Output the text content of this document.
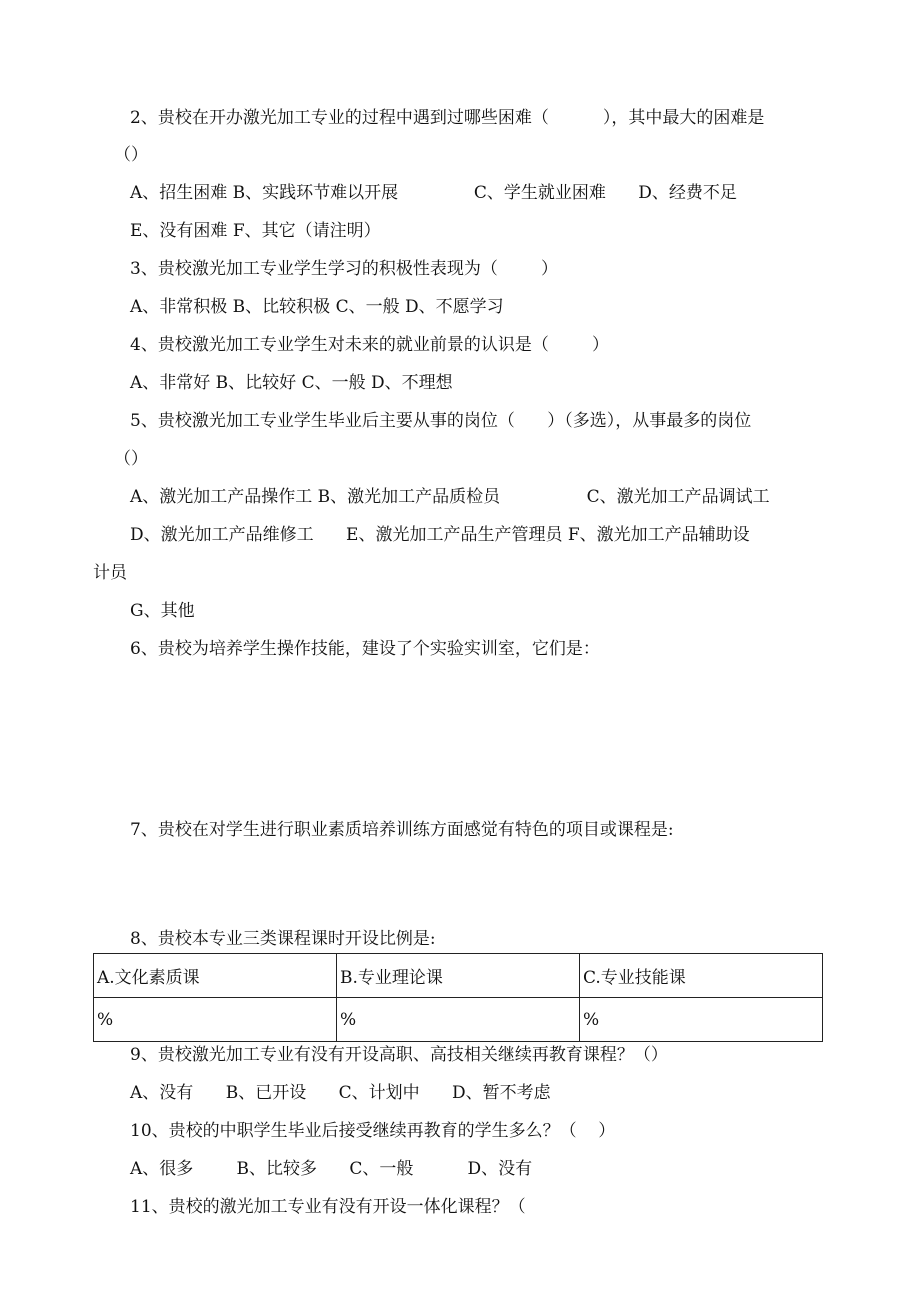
2、贵校在开办激光加工专业的过程中遇到过哪些困难（          ），其中最大的困难是
（）
A、招生困难 B、实践环节难以开展              C、学生就业困难      D、经费不足
E、没有困难 F、其它（请注明）
3、贵校激光加工专业学生学习的积极性表现为（        ）
A、非常积极 B、比较积极 C、一般 D、不愿学习
4、贵校激光加工专业学生对未来的就业前景的认识是（        ）
A、非常好 B、比较好 C、一般 D、不理想
5、贵校激光加工专业学生毕业后主要从事的岗位（      ）（多选），从事最多的岗位
（）
A、激光加工产品操作工 B、激光加工产品质检员                C、激光加工产品调试工
D、激光加工产品维修工      E、激光加工产品生产管理员 F、激光加工产品辅助设
计员
G、其他
6、贵校为培养学生操作技能，建设了个实验实训室，它们是：
7、贵校在对学生进行职业素质培养训练方面感觉有特色的项目或课程是:
8、贵校本专业三类课程课时开设比例是:
A.文化素质课	B.专业理论课	C.专业技能课
%	%	%
9、贵校激光加工专业有没有开设高职、高技相关继续再教育课程？（）
A、没有      B、已开设      C、计划中      D、暂不考虑
10、贵校的中职学生毕业后接受继续再教育的学生多么？（    ）
A、很多        B、比较多      C、一般          D、没有
11、贵校的激光加工专业有没有开设一体化课程？（
